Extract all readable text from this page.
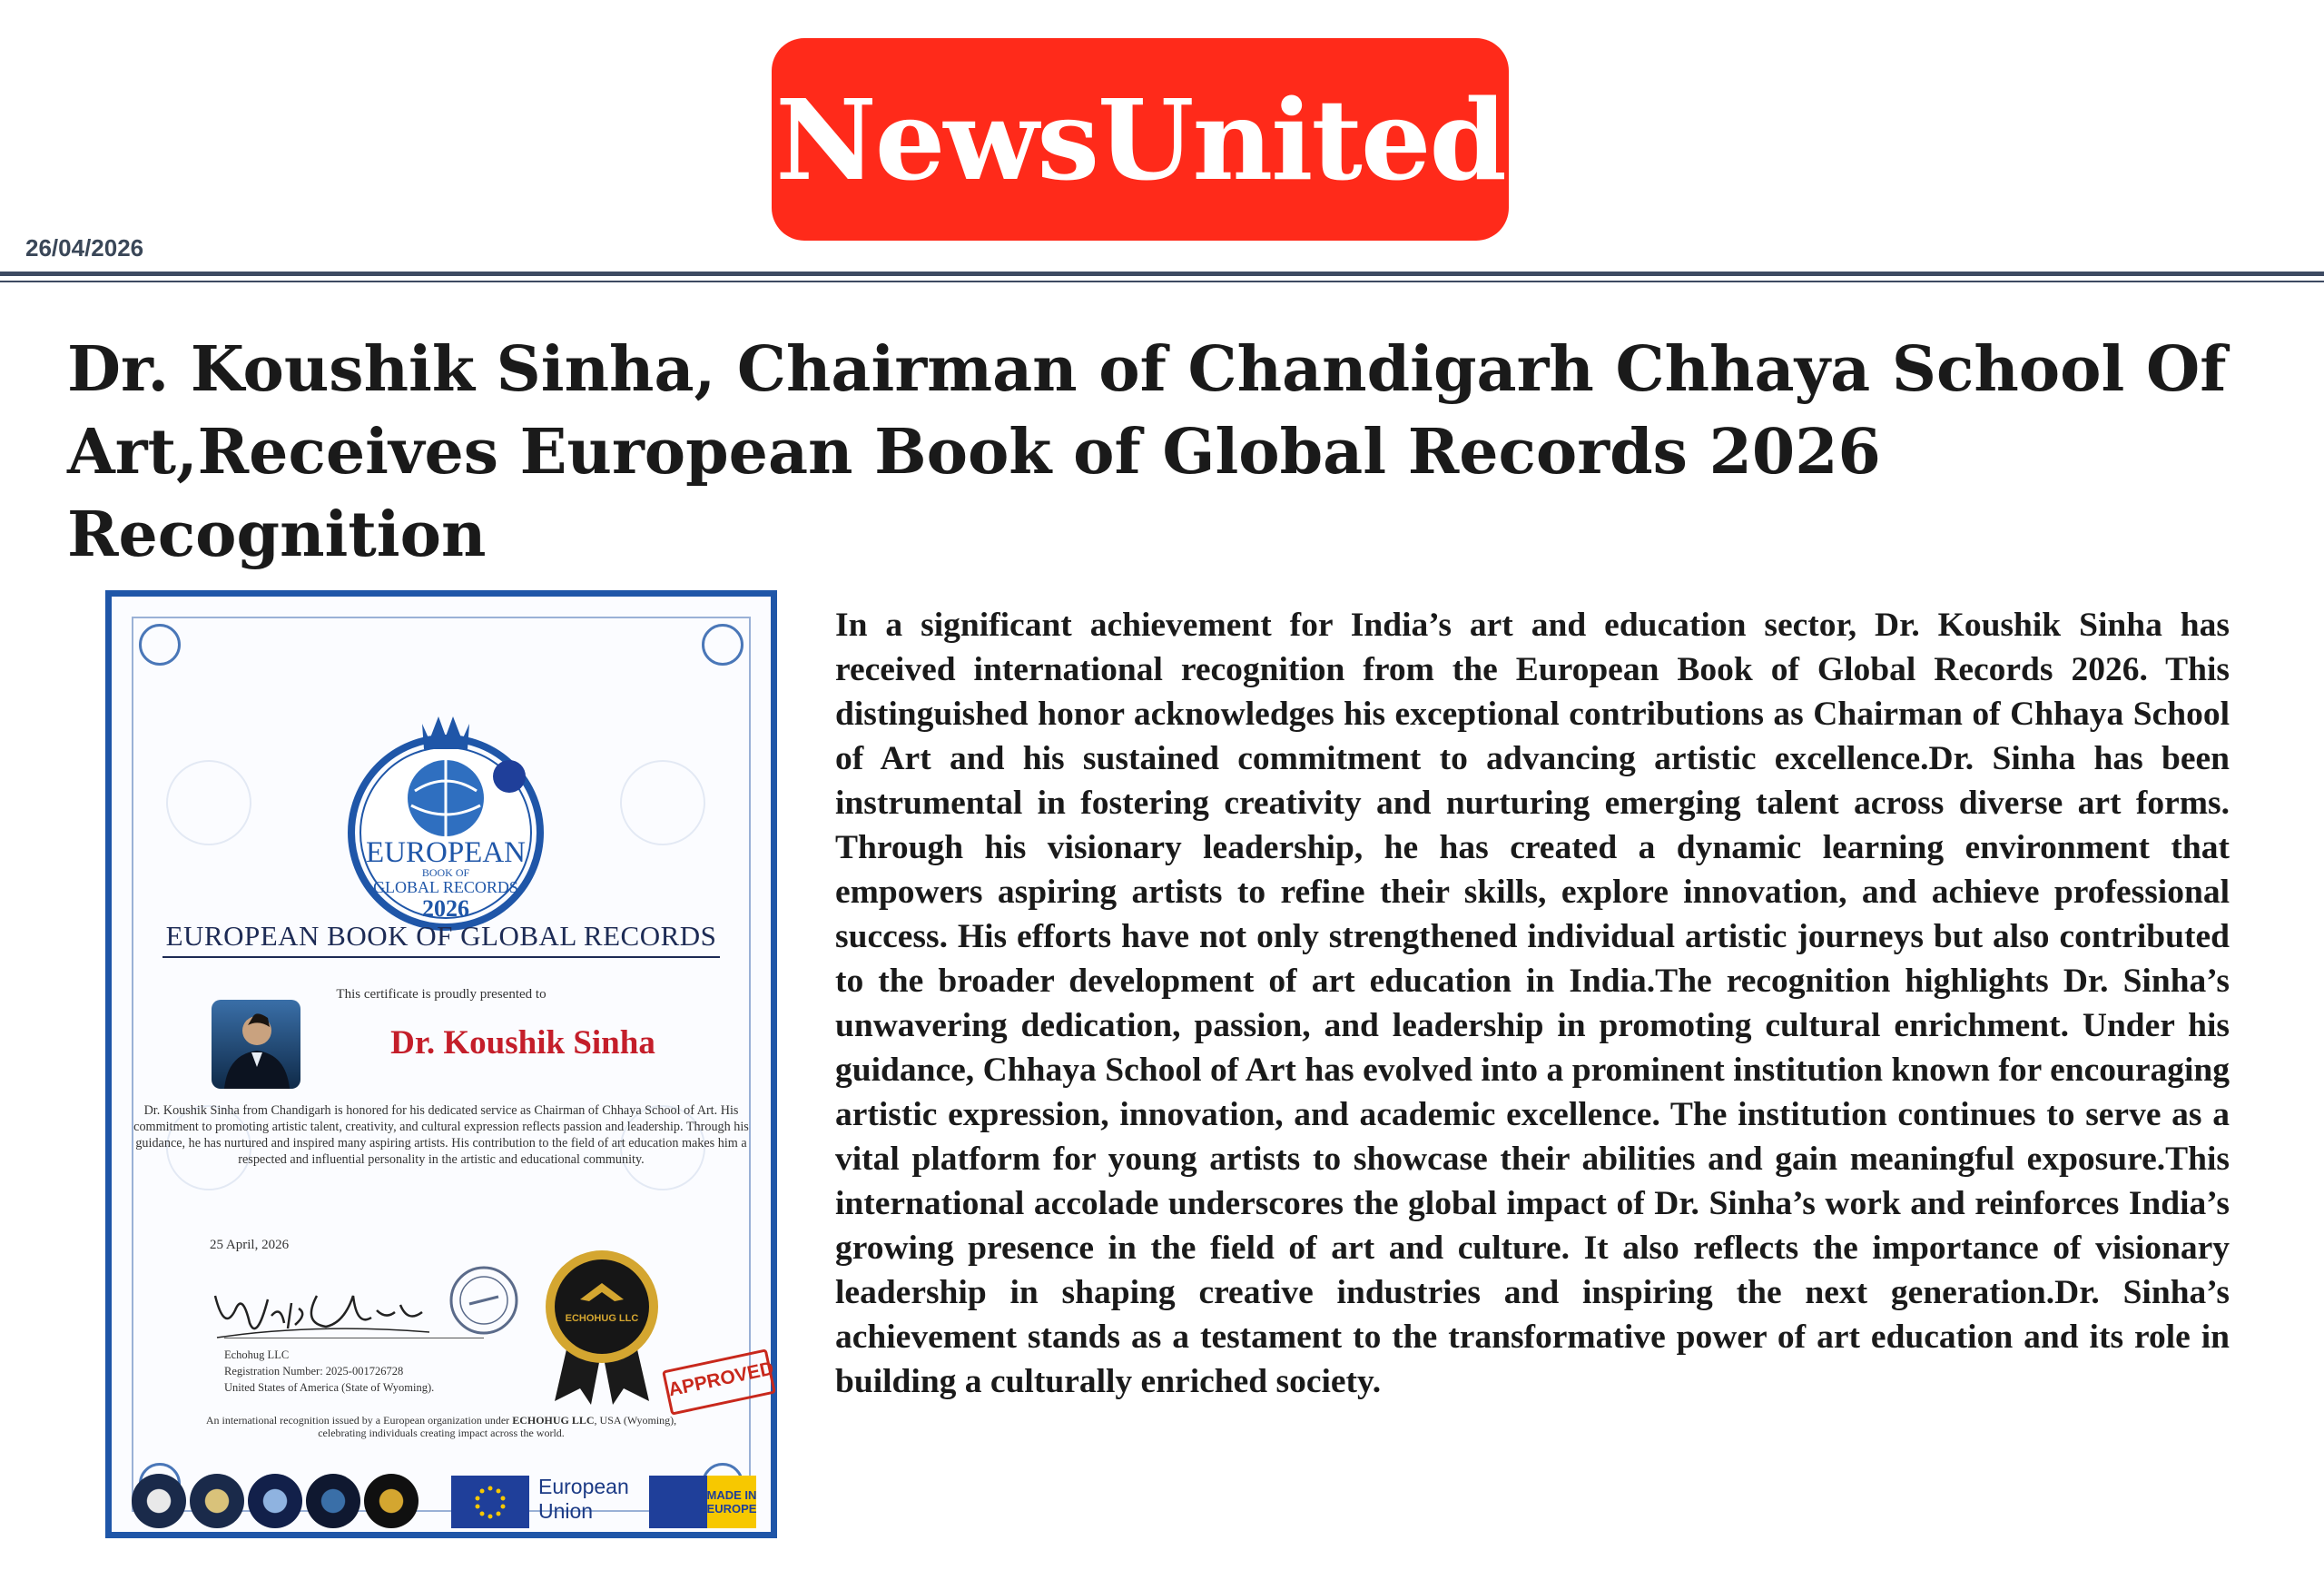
NewsUnited
26/04/2026
Dr. Koushik Sinha, Chairman of Chandigarh Chhaya School Of Art,Receives European Book of Global Records 2026 Recognition
EUROPEAN
BOOK OF
GLOBAL RECORDS
2026
EUROPEAN BOOK OF GLOBAL RECORDS
This certificate is proudly presented to
Dr. Koushik Sinha
Dr. Koushik Sinha from Chandigarh is honored for his dedicated service as Chairman of Chhaya School of Art. His commitment to promoting artistic talent, creativity, and cultural expression reflects passion and leadership. Through his guidance, he has nurtured and inspired many aspiring artists. His contribution to the field of art education makes him a respected and influential personality in the artistic and educational community.
25 April, 2026
ECHOHUG LLC
APPROVED
Echohug LLC
Registration Number: 2025-001726728
United States of America (State of Wyoming).
An international recognition issued by a European organization under ECHOHUG LLC, USA (Wyoming),
celebrating individuals creating impact across the world.
European
Union
MADE IN
EUROPE

In a significant achievement for India’s art and education sector, Dr. Koushik Sinha has received international recognition from the European Book of Global Records 2026. This distinguished honor acknowledges his exceptional contributions as Chairman of Chhaya School of Art and his sustained commitment to advancing artistic excellence.Dr. Sinha has been instrumental in fostering creativity and nurturing emerging talent across diverse art forms. Through his visionary leadership, he has created a dynamic learning environment that empowers aspiring artists to refine their skills, explore innovation, and achieve professional success. His efforts have not only strengthened individual artistic journeys but also contributed to the broader development of art education in India.The recognition highlights Dr. Sinha’s unwavering dedication, passion, and leadership in promoting cultural enrichment. Under his guidance, Chhaya School of Art has evolved into a prominent institution known for encouraging artistic expression, innovation, and academic excellence. The institution continues to serve as a vital platform for young artists to showcase their abilities and gain meaningful exposure.This international accolade underscores the global impact of Dr. Sinha’s work and reinforces India’s growing presence in the field of art and culture. It also reflects the importance of visionary leadership in shaping creative industries and inspiring the next generation.Dr. Sinha’s achievement stands as a testament to the transformative power of art education and its role in building a culturally enriched society.
